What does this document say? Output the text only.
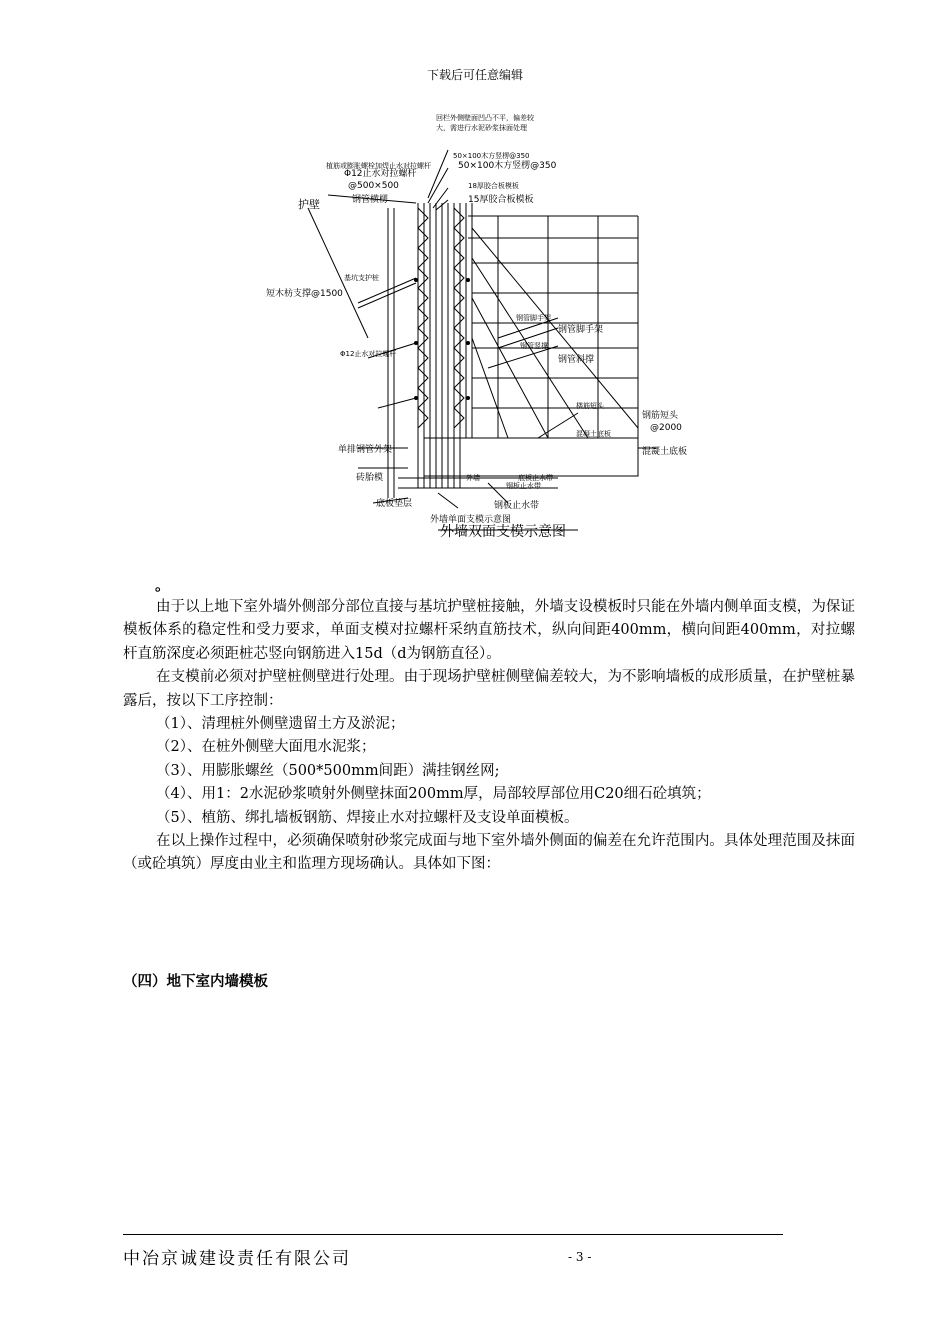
下载后可任意编辑
回栏外侧壁面凹凸不平，偏差较
大，需进行水泥砂浆抹面处理
50×100木方竖楞@350
植筋或膨胀螺栓加焊止水对拉螺杆
18厚胶合板模板
基坑支护桩
Φ12止水对拉螺杆
钢管脚手架
钢管竖撑
楼筋短头
混凝土底板
钢板止水带
外墙	底板止水带
50×100木方竖楞@350
Φ12止水对拉螺杆
@500×500
15厚胶合板模板
钢管横楞
短木枋支撑@1500
钢管脚手架
钢管斜撑
钢筋短头
@2000
混凝土底板
单排钢管外架
砖胎模
底板垫层	钢板止水带
外墙单面支模示意图
护壁
外墙双面支模示意图
。

由于以上地下室外墙外侧部分部位直接与基坑护壁桩接触，外墙支设模板时只能在外墙内侧单面支模，为保证模板体系的稳定性和受力要求，单面支模对拉螺杆采纳直筋技术，纵向间距400mm，横向间距400mm，对拉螺杆直筋深度必须距桩芯竖向钢筋进入15d（d为钢筋直径）。

在支模前必须对护壁桩侧壁进行处理。由于现场护壁桩侧壁偏差较大，为不影响墙板的成形质量，在护壁桩暴露后，按以下工序控制：

（1）、清理桩外侧壁遗留土方及淤泥；

（2）、在桩外侧壁大面甩水泥浆；

（3）、用膨胀螺丝（500*500mm间距）满挂钢丝网;

（4）、用1：2水泥砂浆喷射外侧壁抹面200mm厚，局部较厚部位用C20细石砼填筑；

（5）、植筋、绑扎墙板钢筋、焊接止水对拉螺杆及支设单面模板。

在以上操作过程中，必须确保喷射砂浆完成面与地下室外墙外侧面的偏差在允许范围内。具体处理范围及抹面（或砼填筑）厚度由业主和监理方现场确认。具体如下图：

（四）地下室内墙模板
中冶京诚建设责任有限公司	- 3 -
